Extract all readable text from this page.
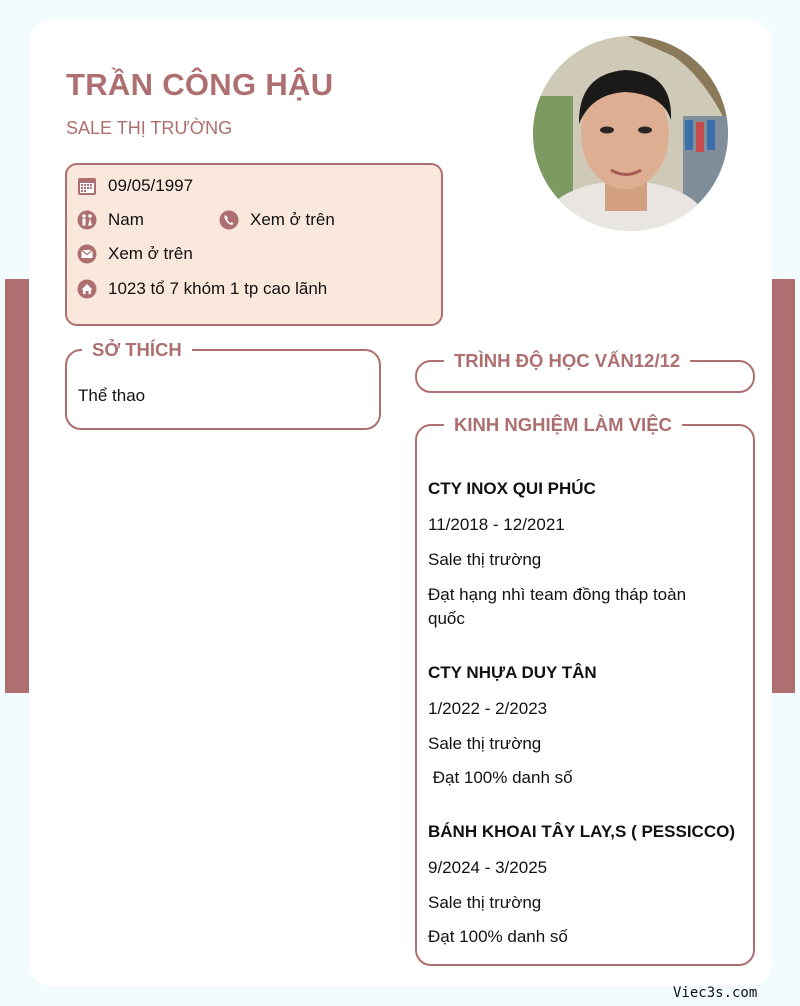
TRẦN CÔNG HẬU
SALE THỊ TRƯỜNG
09/05/1997
Nam	Xem ở trên
Xem ở trên
1023 tổ 7 khóm 1 tp cao lãnh
SỞ THÍCH
Thể thao
TRÌNH ĐỘ HỌC VẤN12/12
KINH NGHIỆM LÀM VIỆC
CTY INOX QUI PHÚC
11/2018 - 12/2021
Sale thị trường
Đạt hạng nhì team đồng tháp toàn quốc
CTY NHỰA DUY TÂN
1/2022 - 2/2023
Sale thị trường
Đạt 100% danh số
BÁNH KHOAI TÂY LAY,S ( PESSICCO)
9/2024 - 3/2025
Sale thị trường
Đạt 100% danh số
Viec3s.com
